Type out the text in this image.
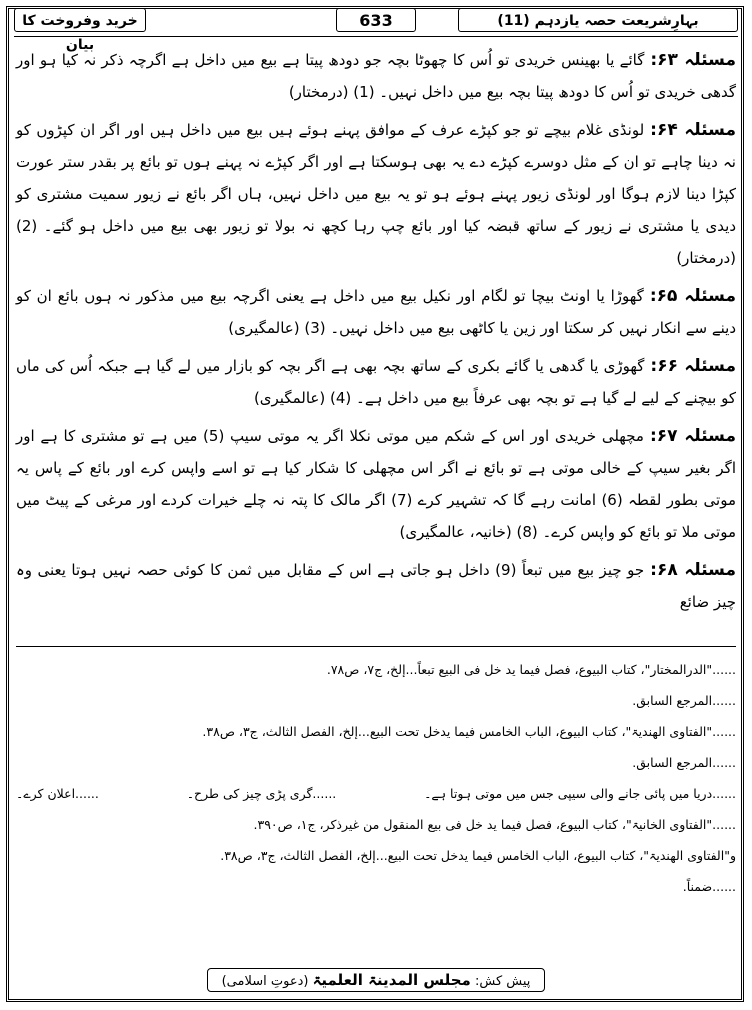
بہارِشریعت حصہ یازدہم (11)
633
خرید وفروخت کا بیان

مسئلہ ۶۳:گائے یا بھینس خریدی تو اُس کا چھوٹا بچہ جو دودھ پیتا ہے بیع میں داخل ہے اگرچہ ذکر نہ کیا ہو اور گدھی خریدی تو اُس کا دودھ پیتا بچہ بیع میں داخل نہیں۔ (1) (درمختار)

مسئلہ ۶۴:لونڈی غلام بیچے تو جو کپڑے عرف کے موافق پہنے ہوئے ہیں بیع میں داخل ہیں اور اگر ان کپڑوں کو نہ دینا چاہے تو ان کے مثل دوسرے کپڑے دے یہ بھی ہوسکتا ہے اور اگر کپڑے نہ پہنے ہوں تو بائع پر بقدر ستر عورت کپڑا دینا لازم ہوگا اور لونڈی زیور پہنے ہوئے ہو تو یہ بیع میں داخل نہیں، ہاں اگر بائع نے زیور سمیت مشتری کو دیدی یا مشتری نے زیور کے ساتھ قبضہ کیا اور بائع چپ رہا کچھ نہ بولا تو زیور بھی بیع میں داخل ہو گئے۔ (2) (درمختار)

مسئلہ ۶۵:گھوڑا یا اونٹ بیچا تو لگام اور نکیل بیع میں داخل ہے یعنی اگرچہ بیع میں مذکور نہ ہوں بائع ان کو دینے سے انکار نہیں کر سکتا اور زین یا کاٹھی بیع میں داخل نہیں۔ (3) (عالمگیری)

مسئلہ ۶۶:گھوڑی یا گدھی یا گائے بکری کے ساتھ بچہ بھی ہے اگر بچہ کو بازار میں لے گیا ہے جبکہ اُس کی ماں کو بیچنے کے لیے لے گیا ہے تو بچہ بھی عرفاً بیع میں داخل ہے۔ (4) (عالمگیری)

مسئلہ ۶۷:مچھلی خریدی اور اس کے شکم میں موتی نکلا اگر یہ موتی سیپ (5) میں ہے تو مشتری کا ہے اور اگر بغیر سیپ کے خالی موتی ہے تو بائع نے اگر اس مچھلی کا شکار کیا ہے تو اسے واپس کرے اور بائع کے پاس یہ موتی بطور لقطہ (6) امانت رہے گا کہ تشہیر کرے (7) اگر مالک کا پتہ نہ چلے خیرات کردے اور مرغی کے پیٹ میں موتی ملا تو بائع کو واپس کرے۔ (8) (خانیہ، عالمگیری)

مسئلہ ۶۸:جو چیز بیع میں تبعاً (9) داخل ہو جاتی ہے اس کے مقابل میں ثمن کا کوئی حصہ نہیں ہوتا یعنی وہ چیز ضائع

......"الدرالمختار"، کتاب البیوع، فصل فیما ید خل فی البیع تبعاً...إلخ، ج۷، ص۷۸.
......المرجع السابق.
......"الفتاوی الھندیۃ"، کتاب البیوع، الباب الخامس فیما یدخل تحت البیع...إلخ، الفصل الثالث، ج۳، ص۳۸.
......المرجع السابق.
......دریا میں پائی جانے والی سیپی جس میں موتی ہوتا ہے۔
......گری پڑی چیز کی طرح۔
......اعلان کرے۔
......"الفتاوی الخانیۃ"، کتاب البیوع، فصل فیما ید خل فی بیع المنقول من غیرذکر، ج۱، ص۳۹۰.
و"الفتاوی الھندیۃ"، کتاب البیوع، الباب الخامس فیما یدخل تحت البیع...إلخ، الفصل الثالث، ج۳، ص۳۸.
......ضمناً.
پیش کش: مجلس المدینۃ العلمیۃ (دعوتِ اسلامی)
